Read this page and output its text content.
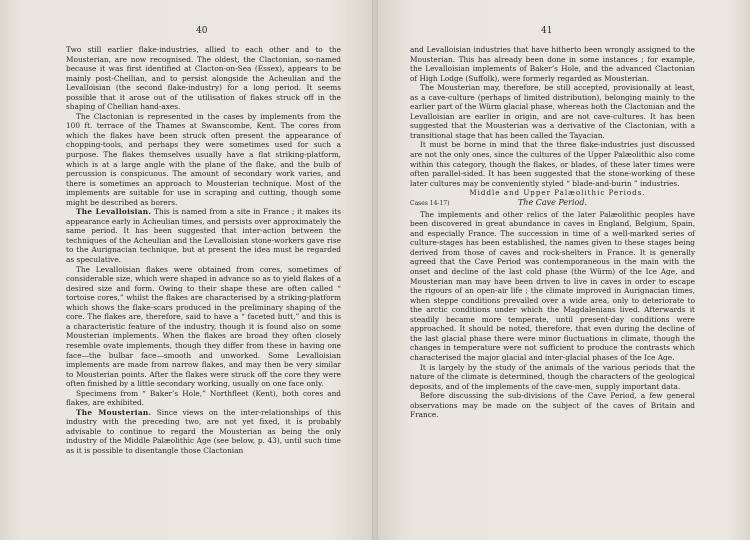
40

Two still earlier flake-industries, allied to each other and to the Mousterian, are now recognised. The oldest, the Clactonian, so-named because it was first identified at Clacton-on-Sea (Essex), appears to be mainly post-Chellian, and to persist alongside the Acheulian and the Levalloisian (the second flake-industry) for a long period. It seems possible that it arose out of the utilisation of flakes struck off in the shaping of Chellian hand-axes.

The Clactonian is represented in the cases by implements from the 100 ft. terrace of the Thames at Swanscombe, Kent. The cores from which the flakes have been struck often present the appearance of chopping-tools, and perhaps they were sometimes used for such a purpose. The flakes themselves usually have a flat striking-platform, which is at a large angle with the plane of the flake, and the bulb of percussion is conspicuous. The amount of secondary work varies, and there is sometimes an approach to Mousterian technique. Most of the implements are suitable for use in scraping and cutting, though some might be described as borers.

The Levalloisian. This is named from a site in France ; it makes its appearance early in Acheulian times, and persists over approximately the same period. It has been suggested that inter-action between the techniques of the Acheulian and the Levalloisian stone-workers gave rise to the Aurignacian technique, but at present the idea must be regarded as speculative.

The Levalloisian flakes were obtained from cores, sometimes of considerable size, which were shaped in advance so as to yield flakes of a desired size and form. Owing to their shape these are often called “ tortoise cores,” whilst the flakes are characterised by a striking-platform which shows the flake-scars produced in the preliminary shaping of the core. The flakes are, therefore, said to have a “ faceted butt,” and this is a characteristic feature of the industry, though it is found also on some Mousterian implements. When the flakes are broad they often closely resemble ovate implements, though they differ from these in having one face—the bulbar face—smooth and unworked. Some Levalloisian implements are made from narrow flakes, and may then be very similar to Mousterian points. After the flakes were struck off the core they were often finished by a little secondary working, usually on one face only.

Specimens from “ Baker’s Hole,” Northfleet (Kent), both cores and flakes, are exhibited.

The Mousterian. Since views on the inter-relationships of this industry with the preceding two, are not yet fixed, it is probably advisable to continue to regard the Mousterian as being the only industry of the Middle Palæolithic Age (see below, p. 43), until such time as it is possible to disentangle those Clactonian

41

and Levalloisian industries that have hitherto been wrongly assigned to the Mousterian. This has already been done in some instances ; for example, the Levalloisian implements of Baker’s Hole, and the advanced Clactonian of High Lodge (Suffolk), were formerly regarded as Mousterian.

The Mousterian may, therefore, be still accepted, provisionally at least, as a cave-culture (perhaps of limited distribution), belonging mainly to the earlier part of the Würm glacial phase, whereas both the Clactonian and the Levalloisian are earlier in origin, and are not cave-cultures. It has been suggested that the Mousterian was a derivative of the Clactonian, with a transitional stage that has been called the Tayacian.

It must be borne in mind that the three flake-industries just discussed are not the only ones, since the cultures of the Upper Palæolithic also come within this category, though the flakes, or blades, of these later times were often parallel-sided. It has been suggested that the stone-working of these later cultures may be conveniently styled “ blade-and-burin ” industries.

Middle and Upper Palæolithic Periods.

Cases 14-17)	The Cave Period.

The implements and other relics of the later Palæolithic peoples have been discovered in great abundance in caves in England, Belgium, Spain, and especially France. The succession in time of a well-marked series of culture-stages has been established, the names given to these stages being derived from those of caves and rock-shelters in France. It is generally agreed that the Cave Period was contemporaneous in the main with the onset and decline of the last cold phase (the Würm) of the Ice Age, and Mousterian man may have been driven to live in caves in order to escape the rigours of an open-air life ; the climate improved in Aurignacian times, when steppe conditions prevailed over a wide area, only to deteriorate to the arctic conditions under which the Magdalenians lived. Afterwards it steadily became more temperate, until present-day conditions were approached. It should be noted, therefore, that even during the decline of the last glacial phase there were minor fluctuations in climate, though the changes in temperature were not sufficient to produce the contrasts which characterised the major glacial and inter-glacial phases of the Ice Age.

It is largely by the study of the animals of the various periods that the nature of the climate is determined, though the characters of the geological deposits, and of the implements of the cave-men, supply important data.

Before discussing the sub-divisions of the Cave Period, a few general observations may be made on the subject of the caves of Britain and France.
